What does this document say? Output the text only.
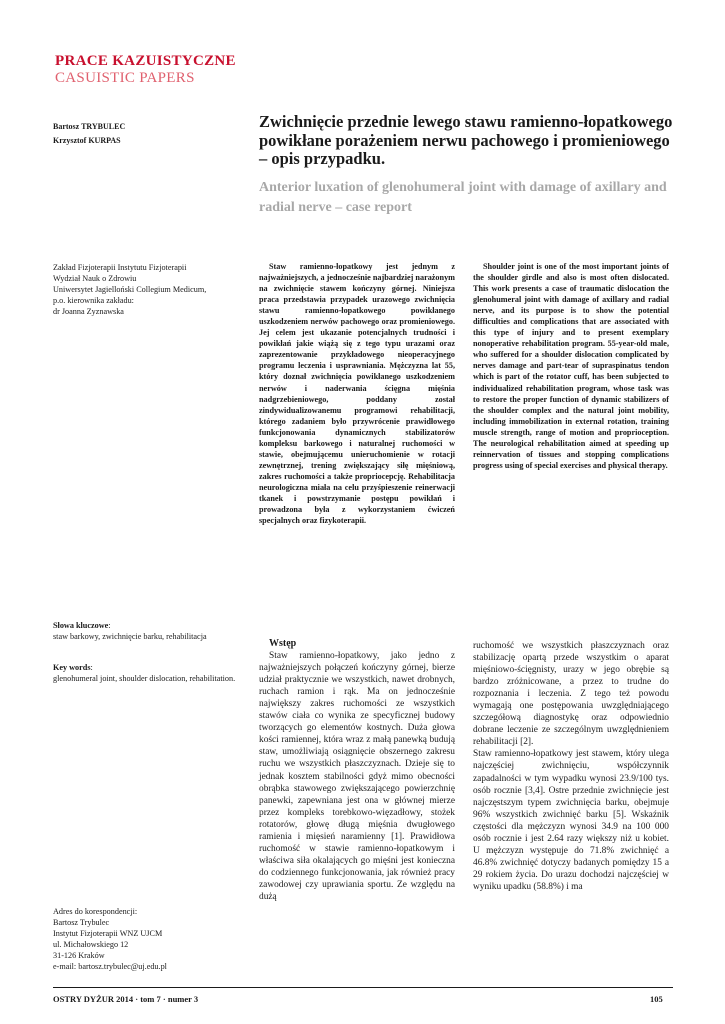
PRACE KAZUISTYCZNE
CASUISTIC PAPERS
Bartosz TRYBULEC
Krzysztof KURPAS
Zwichnięcie przednie lewego stawu ramienno-łopatkowego powikłane porażeniem nerwu pachowego i promieniowego – opis przypadku.
Anterior luxation of glenohumeral joint with damage of axillary and radial nerve – case report
Zakład Fizjoterapii Instytutu Fizjoterapii
Wydział Nauk o Zdrowiu
Uniwersytet Jagielloński Collegium Medicum,
p.o. kierownika zakładu:
dr Joanna Zyznawska
Staw ramienno-łopatkowy jest jednym z najważniejszych, a jednocześnie najbardziej narażonym na zwichnięcie stawem kończyny górnej. Niniejsza praca przedstawia przypadek urazowego zwichnięcia stawu ramienno-łopatkowego powikłanego uszkodzeniem nerwów pachowego oraz promieniowego. Jej celem jest ukazanie potencjalnych trudności i powikłań jakie wiążą się z tego typu urazami oraz zaprezentowanie przykładowego nieoperacyjnego programu leczenia i usprawniania. Mężczyzna lat 55, który doznał zwichnięcia powikłanego uszkodzeniem nerwów i naderwania ścięgna mięśnia nadgrzebieniowego, poddany został zindywidualizowanemu programowi rehabilitacji, którego zadaniem było przywrócenie prawidłowego funkcjonowania dynamicznych stabilizatorów kompleksu barkowego i naturalnej ruchomości w stawie, obejmującemu unieruchomienie w rotacji zewnętrznej, trening zwiększający siłę mięśniową, zakres ruchomości a także propriocepcję. Rehabilitacja neurologiczna miała na celu przyśpieszenie reinerwacji tkanek i powstrzymanie postępu powikłań i prowadzona była z wykorzystaniem ćwiczeń specjalnych oraz fizykoterapii.
Shoulder joint is one of the most important joints of the shoulder girdle and also is most often dislocated. This work presents a case of traumatic dislocation the glenohumeral joint with damage of axillary and radial nerve, and its purpose is to show the potential difficulties and complications that are associated with this type of injury and to present exemplary nonoperative rehabilitation program. 55-year-old male, who suffered for a shoulder dislocation complicated by nerves damage and part-tear of supraspinatus tendon which is part of the rotator cuff, has been subjected to individualized rehabilitation program, whose task was to restore the proper function of dynamic stabilizers of the shoulder complex and the natural joint mobility, including immobilization in external rotation, training muscle strength, range of motion and proprioception. The neurological rehabilitation aimed at speeding up reinnervation of tissues and stopping complications progress using of special exercises and physical therapy.
Słowa kluczowe:
staw barkowy, zwichnięcie barku, rehabilitacja
Key words:
glenohumeral joint, shoulder dislocation, rehabilitation.
Adres do korespondencji:
Bartosz Trybulec
Instytut Fizjoterapii WNZ UJCM
ul. Michałowskiego 12
31-126 Kraków
e-mail: bartosz.trybulec@uj.edu.pl
Wstęp

Staw ramienno-łopatkowy, jako jedno z najważniejszych połączeń kończyny górnej, bierze udział praktycznie we wszystkich, nawet drobnych, ruchach ramion i rąk. Ma on jednocześnie największy zakres ruchomości ze wszystkich stawów ciała co wynika ze specyficznej budowy tworzących go elementów kostnych. Duża głowa kości ramiennej, która wraz z małą panewką budują staw, umożliwiają osiągnięcie obszernego zakresu ruchu we wszystkich płaszczyznach. Dzieje się to jednak kosztem stabilności gdyż mimo obecności obrąbka stawowego zwiększającego powierzchnię panewki, zapewniana jest ona w głównej mierze przez kompleks torebkowo-więzadłowy, stożek rotatorów, głowę długą mięśnia dwugłowego ramienia i mięsień naramienny [1]. Prawidłowa ruchomość w stawie ramienno-łopatkowym i właściwa siła okalających go mięśni jest konieczna do codziennego funkcjonowania, jak również pracy zawodowej czy uprawiania sportu. Ze względu na dużą

ruchomość we wszystkich płaszczyznach oraz stabilizację opartą przede wszystkim o aparat mięśniowo-ścięgnisty, urazy w jego obrębie są bardzo zróżnicowane, a przez to trudne do rozpoznania i leczenia. Z tego też powodu wymagają one postępowania uwzględniającego szczegółową diagnostykę oraz odpowiednio dobrane leczenie ze szczególnym uwzględnieniem rehabilitacji [2].

Staw ramienno-łopatkowy jest stawem, który ulega najczęściej zwichnięciu, współczynnik zapadalności w tym wypadku wynosi 23.9/100 tys. osób rocznie [3,4]. Ostre przednie zwichnięcie jest najczęstszym typem zwichnięcia barku, obejmuje 96% wszystkich zwichnięć barku [5]. Wskaźnik częstości dla mężczyzn wynosi 34.9 na 100 000 osób rocznie i jest 2.64 razy większy niż u kobiet. U mężczyzn występuje do 71.8% zwichnięć a 46.8% zwichnięć dotyczy badanych pomiędzy 15 a 29 rokiem życia. Do urazu dochodzi najczęściej w wyniku upadku (58.8%) i ma

OSTRY DYŻUR 2014 · tom 7 · numer 3	105
